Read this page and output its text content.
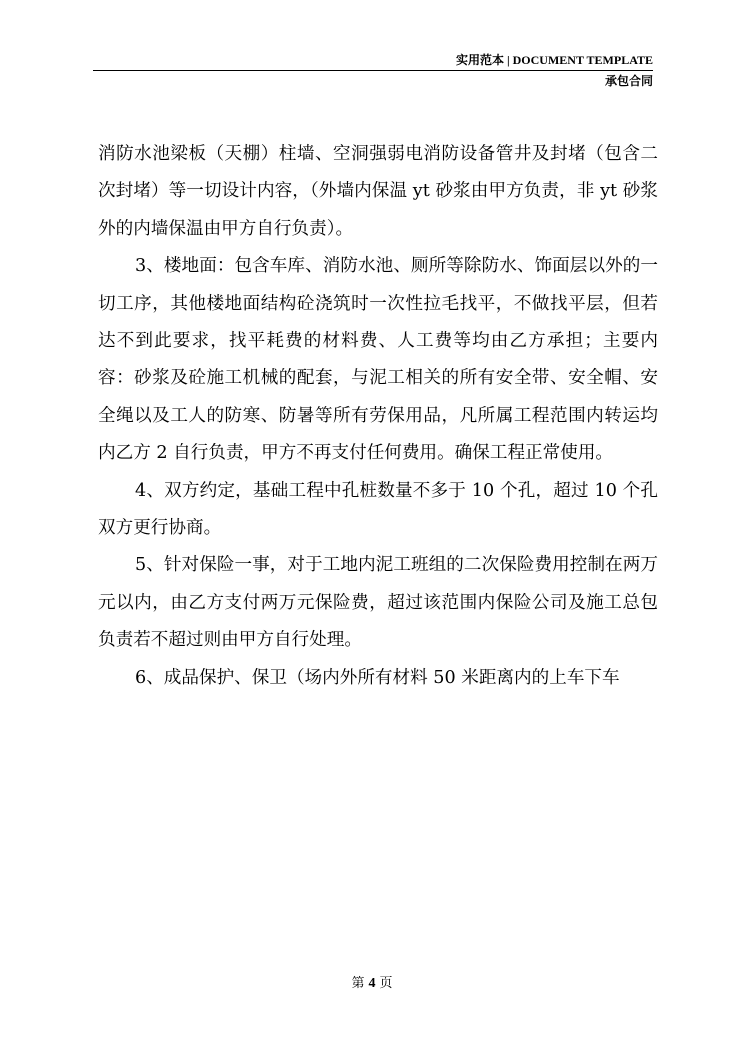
实用范本 | DOCUMENT TEMPLATE
承包合同

消防水池梁板（天棚）柱墙、空洞强弱电消防设备管井及封堵（包含二次封堵）等一切设计内容，（外墙内保温 yt 砂浆由甲方负责，非 yt 砂浆外的内墙保温由甲方自行负责）。

3、楼地面：包含车库、消防水池、厕所等除防水、饰面层以外的一切工序，其他楼地面结构砼浇筑时一次性拉毛找平，不做找平层，但若达不到此要求，找平耗费的材料费、人工费等均由乙方承担；主要内容：砂浆及砼施工机械的配套，与泥工相关的所有安全带、安全帽、安全绳以及工人的防寒、防暑等所有劳保用品，凡所属工程范围内转运均内乙方 2 自行负责，甲方不再支付任何费用。确保工程正常使用。

4、双方约定，基础工程中孔桩数量不多于 10 个孔，超过 10 个孔双方更行协商。

5、针对保险一事，对于工地内泥工班组的二次保险费用控制在两万元以内，由乙方支付两万元保险费，超过该范围内保险公司及施工总包负责若不超过则由甲方自行处理。

6、成品保护、保卫（场内外所有材料 50 米距离内的上车下车

第 4 页
